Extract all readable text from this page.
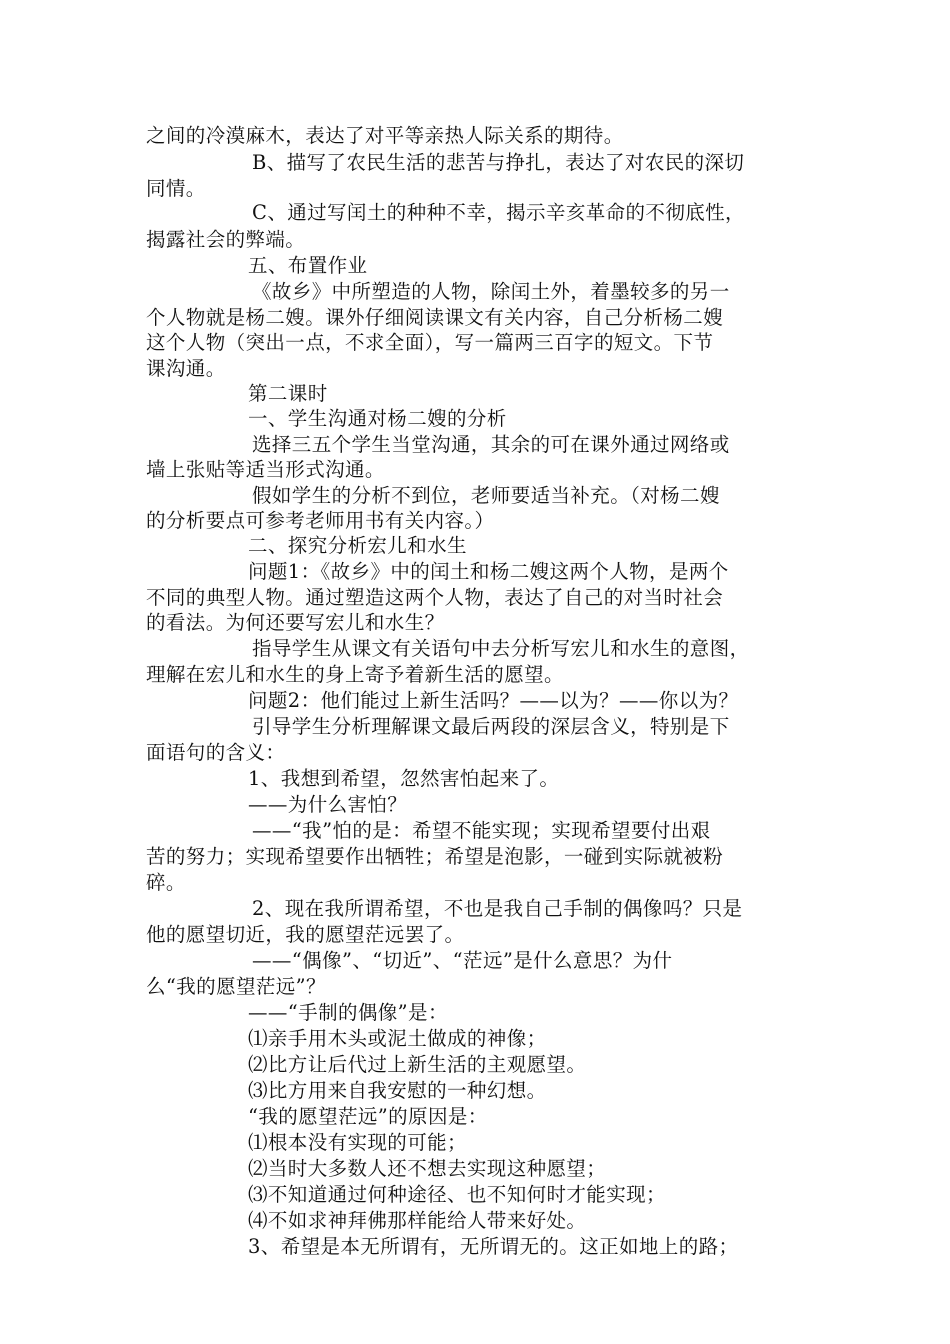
之间的冷漠麻木，表达了对平等亲热人际关系的期待。
B、描写了农民生活的悲苦与挣扎，表达了对农民的深切
同情。
C、通过写闰土的种种不幸，揭示辛亥革命的不彻底性，
揭露社会的弊端。
五、布置作业
《故乡》中所塑造的人物，除闰土外，着墨较多的另一
个人物就是杨二嫂。课外仔细阅读课文有关内容，自己分析杨二嫂
这个人物（突出一点，不求全面），写一篇两三百字的短文。下节
课沟通。
第二课时
一、学生沟通对杨二嫂的分析
选择三五个学生当堂沟通，其余的可在课外通过网络或
墙上张贴等适当形式沟通。
假如学生的分析不到位，老师要适当补充。（对杨二嫂
的分析要点可参考老师用书有关内容。）
二、探究分析宏儿和水生
问题1：《故乡》中的闰土和杨二嫂这两个人物，是两个
不同的典型人物。通过塑造这两个人物，表达了自己的对当时社会
的看法。为何还要写宏儿和水生？
指导学生从课文有关语句中去分析写宏儿和水生的意图，
理解在宏儿和水生的身上寄予着新生活的愿望。
问题2：他们能过上新生活吗？——以为？——你以为？
引导学生分析理解课文最后两段的深层含义，特别是下
面语句的含义：
1、我想到希望，忽然害怕起来了。
——为什么害怕？
——“我”怕的是：希望不能实现；实现希望要付出艰
苦的努力；实现希望要作出牺牲；希望是泡影，一碰到实际就被粉
碎。
2、现在我所谓希望，不也是我自己手制的偶像吗？只是
他的愿望切近，我的愿望茫远罢了。
——“偶像”、“切近”、“茫远”是什么意思？为什
么“我的愿望茫远”？
——“手制的偶像”是：
⑴亲手用木头或泥土做成的神像；
⑵比方让后代过上新生活的主观愿望。
⑶比方用来自我安慰的一种幻想。
“我的愿望茫远”的原因是：
⑴根本没有实现的可能；
⑵当时大多数人还不想去实现这种愿望；
⑶不知道通过何种途径、也不知何时才能实现；
⑷不如求神拜佛那样能给人带来好处。
3、希望是本无所谓有，无所谓无的。这正如地上的路；
